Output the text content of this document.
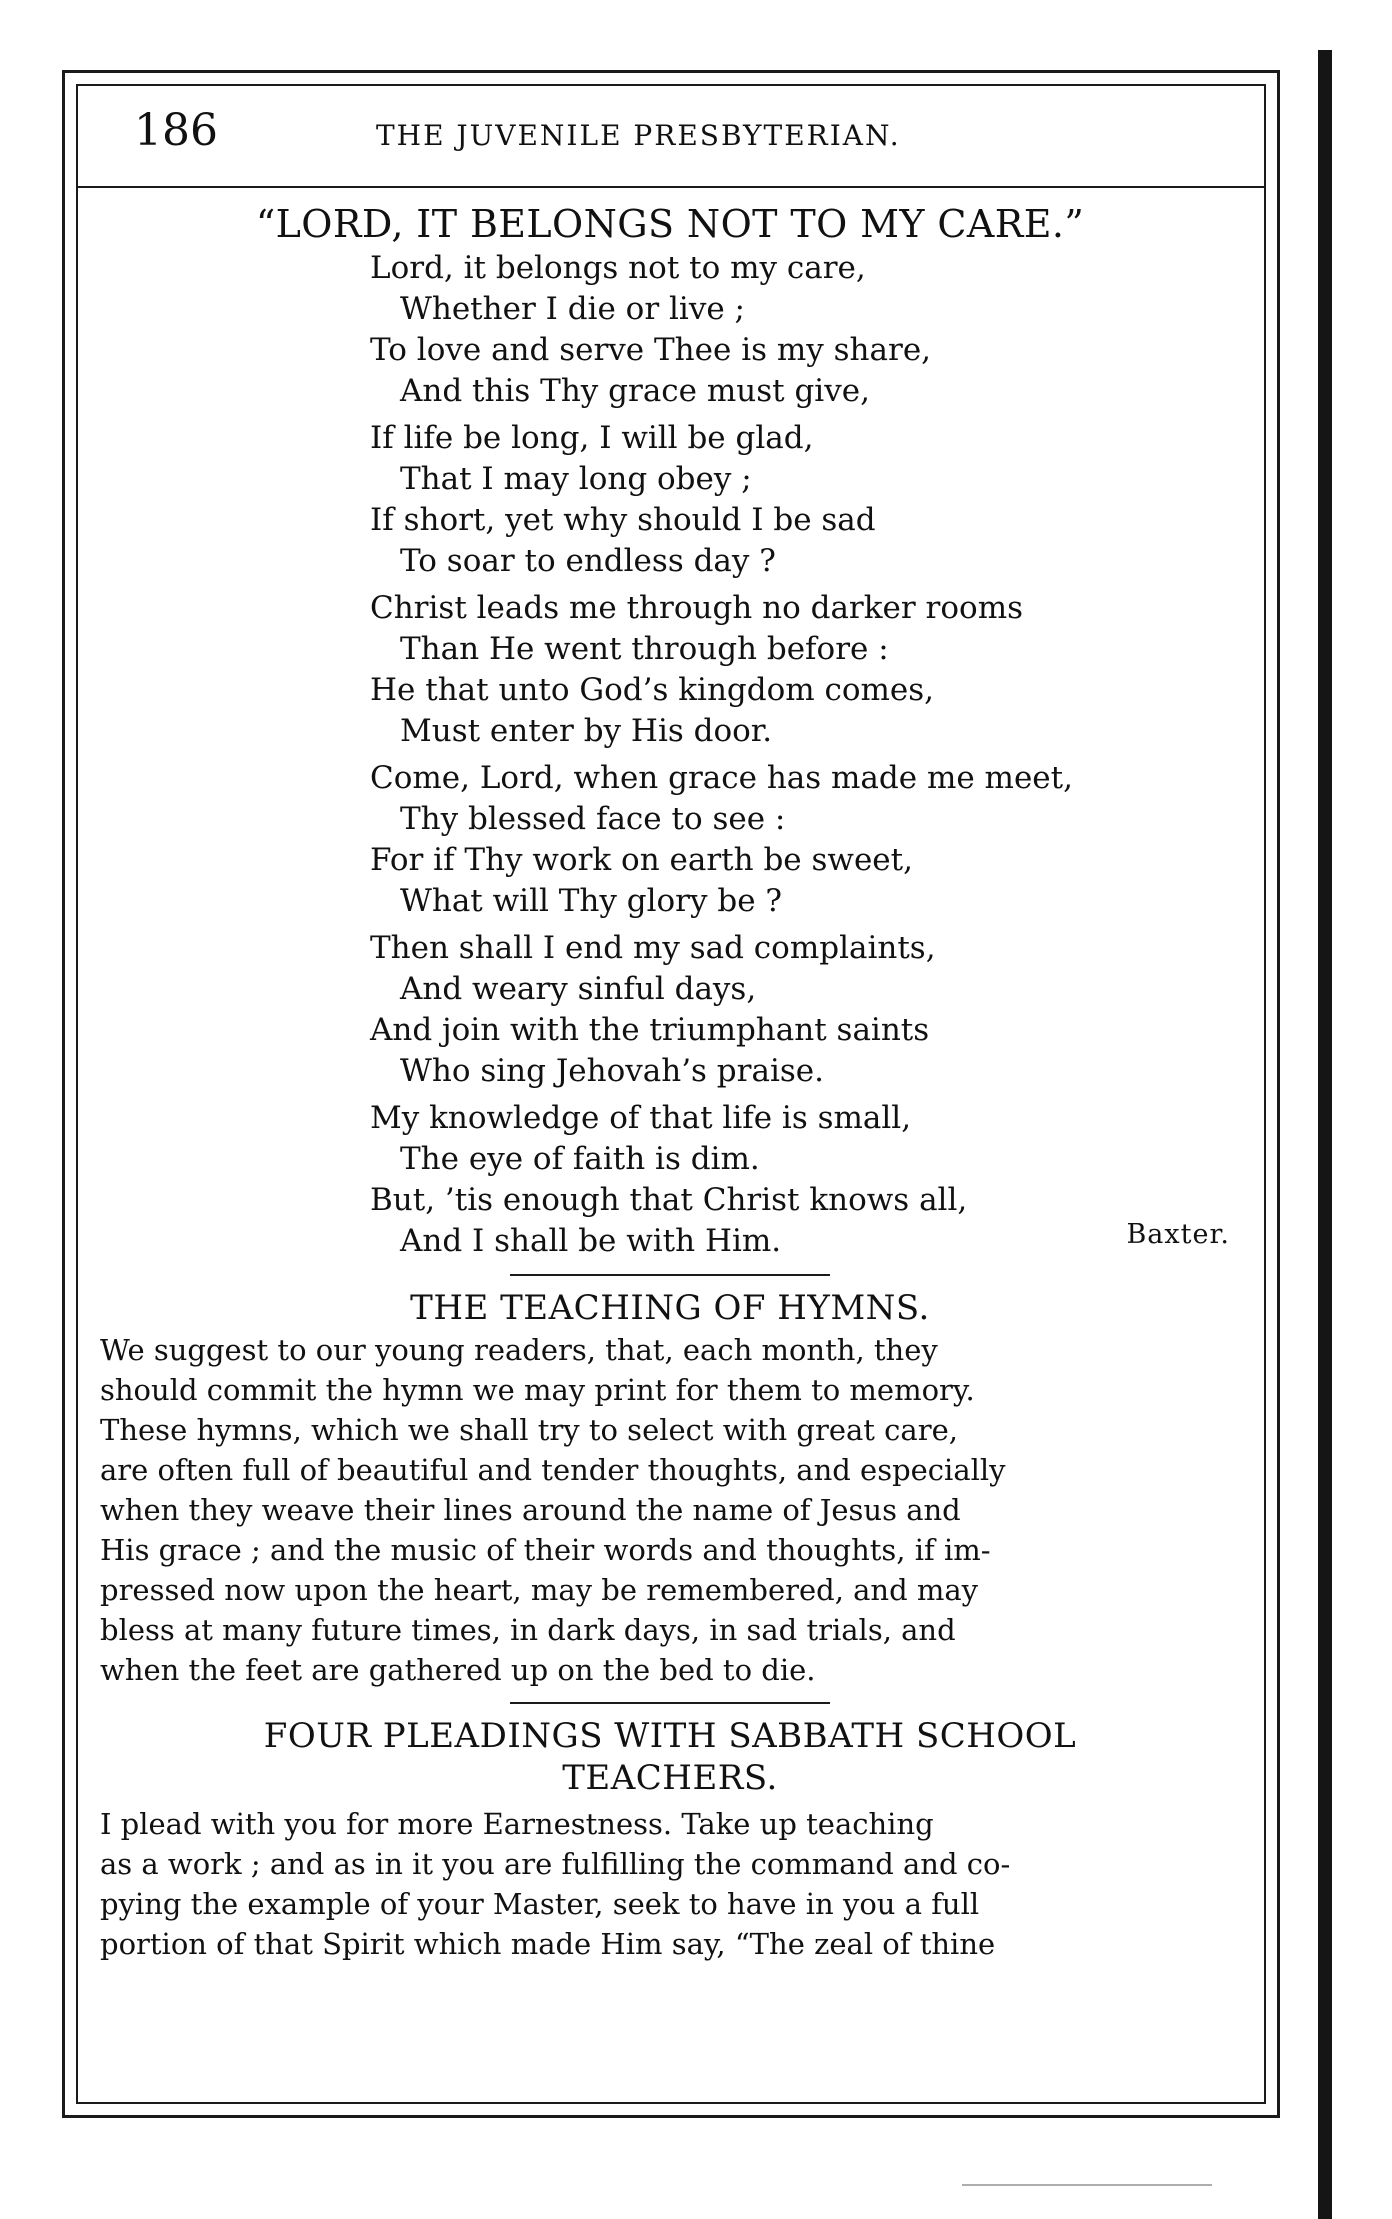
186	THE JUVENILE PRESBYTERIAN.
“LORD, IT BELONGS NOT TO MY CARE.”
Lord, it belongs not to my care,
Whether I die or live ;
To love and serve Thee is my share,
And this Thy grace must give,
If life be long, I will be glad,
That I may long obey ;
If short, yet why should I be sad
To soar to endless day ?
Christ leads me through no darker rooms
Than He went through before :
He that unto God’s kingdom comes,
Must enter by His door.
Come, Lord, when grace has made me meet,
Thy blessed face to see :
For if Thy work on earth be sweet,
What will Thy glory be ?
Then shall I end my sad complaints,
And weary sinful days,
And join with the triumphant saints
Who sing Jehovah’s praise.
My knowledge of that life is small,
The eye of faith is dim.
But, ’tis enough that Christ knows all,
And I shall be with Him.	Baxter.
THE TEACHING OF HYMNS.
We suggest to our young readers, that, each month, they
should commit the hymn we may print for them to memory.
These hymns, which we shall try to select with great care,
are often full of beautiful and tender thoughts, and especially
when they weave their lines around the name of Jesus and
His grace ; and the music of their words and thoughts, if im-
pressed now upon the heart, may be remembered, and may
bless at many future times, in dark days, in sad trials, and
when the feet are gathered up on the bed to die.
FOUR PLEADINGS WITH SABBATH SCHOOL
TEACHERS.
I plead with you for more Earnestness. Take up teaching
as a work ; and as in it you are fulfilling the command and co-
pying the example of your Master, seek to have in you a full
portion of that Spirit which made Him say, “The zeal of thine
